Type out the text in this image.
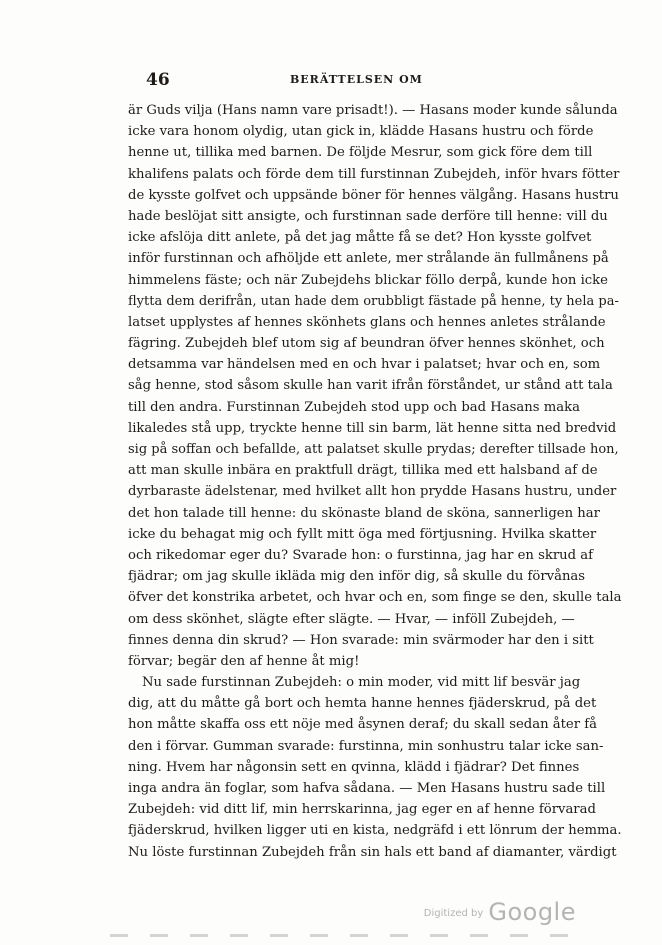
46	BERÄTTELSEN OM
är Guds vilja (Hans namn vare prisadt!). — Hasans moder kunde sålunda
icke vara honom olydig, utan gick in, klädde Hasans hustru och förde
henne ut, tillika med barnen. De följde Mesrur, som gick före dem till
khalifens palats och förde dem till furstinnan Zubejdeh, inför hvars fötter
de kysste golfvet och uppsände böner för hennes välgång. Hasans hustru
hade beslöjat sitt ansigte, och furstinnan sade derföre till henne: vill du
icke afslöja ditt anlete, på det jag måtte få se det? Hon kysste golfvet
inför furstinnan och afhöljde ett anlete, mer strålande än fullmånens på
himmelens fäste; och när Zubejdehs blickar föllo derpå, kunde hon icke
flytta dem derifrån, utan hade dem orubbligt fästade på henne, ty hela pa-
latset upplystes af hennes skönhets glans och hennes anletes strålande
fägring. Zubejdeh blef utom sig af beundran öfver hennes skönhet, och
detsamma var händelsen med en och hvar i palatset; hvar och en, som
såg henne, stod såsom skulle han varit ifrån förståndet, ur stånd att tala
till den andra. Furstinnan Zubejdeh stod upp och bad Hasans maka
likaledes stå upp, tryckte henne till sin barm, lät henne sitta ned bredvid
sig på soffan och befallde, att palatset skulle prydas; derefter tillsade hon,
att man skulle inbära en praktfull drägt, tillika med ett halsband af de
dyrbaraste ädelstenar, med hvilket allt hon prydde Hasans hustru, under
det hon talade till henne: du skönaste bland de sköna, sannerligen har
icke du behagat mig och fyllt mitt öga med förtjusning. Hvilka skatter
och rikedomar eger du? Svarade hon: o furstinna, jag har en skrud af
fjädrar; om jag skulle ikläda mig den inför dig, så skulle du förvånas
öfver det konstrika arbetet, och hvar och en, som finge se den, skulle tala
om dess skönhet, slägte efter slägte. — Hvar, — inföll Zubejdeh, —
finnes denna din skrud? — Hon svarade: min svärmoder har den i sitt
förvar; begär den af henne åt mig!
Nu sade furstinnan Zubejdeh: o min moder, vid mitt lif besvär jag
dig, att du måtte gå bort och hemta hanne hennes fjäderskrud, på det
hon måtte skaffa oss ett nöje med åsynen deraf; du skall sedan åter få
den i förvar. Gumman svarade: furstinna, min sonhustru talar icke san-
ning. Hvem har någonsin sett en qvinna, klädd i fjädrar? Det finnes
inga andra än foglar, som hafva sådana. — Men Hasans hustru sade till
Zubejdeh: vid ditt lif, min herrskarinna, jag eger en af henne förvarad
fjäderskrud, hvilken ligger uti en kista, nedgräfd i ett lönrum der hemma.
Nu löste furstinnan Zubejdeh från sin hals ett band af diamanter, värdigt
$^{Digitized by}$ Google
